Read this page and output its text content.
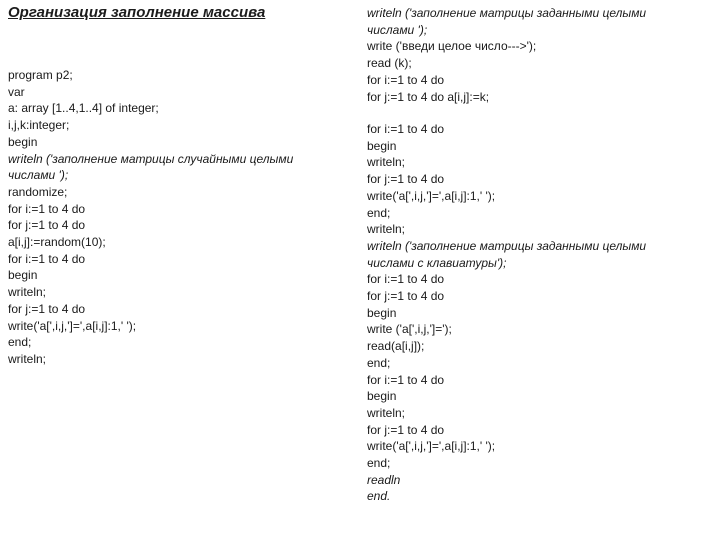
Организация заполнение массива
program p2;
var
a: array [1..4,1..4] of integer;
i,j,k:integer;
begin
writeln ('заполнение матрицы случайными целыми
числами ');
randomize;
for i:=1 to 4 do
for j:=1 to 4 do
a[i,j]:=random(10);
for i:=1 to 4 do
begin
writeln;
for j:=1 to 4 do
write('a[',i,j,']=',a[i,j]:1,' ');
end;
writeln;
writeln ('заполнение матрицы заданными целыми
числами ');
write ('введи целое число--->');
read (k);
for i:=1 to 4 do
for j:=1 to 4 do a[i,j]:=k;
for i:=1 to 4 do
begin
writeln;
for j:=1 to 4 do
write('a[',i,j,']=',a[i,j]:1,' ');
end;
writeln;
writeln ('заполнение матрицы заданными целыми
числами с клавиатуры');
for i:=1 to 4 do
for j:=1 to 4 do
begin
write ('a[',i,j,']=');
read(a[i,j]);
end;
for i:=1 to 4 do
begin
writeln;
for j:=1 to 4 do
write('a[',i,j,']=',a[i,j]:1,' ');
end;
readln
end.
